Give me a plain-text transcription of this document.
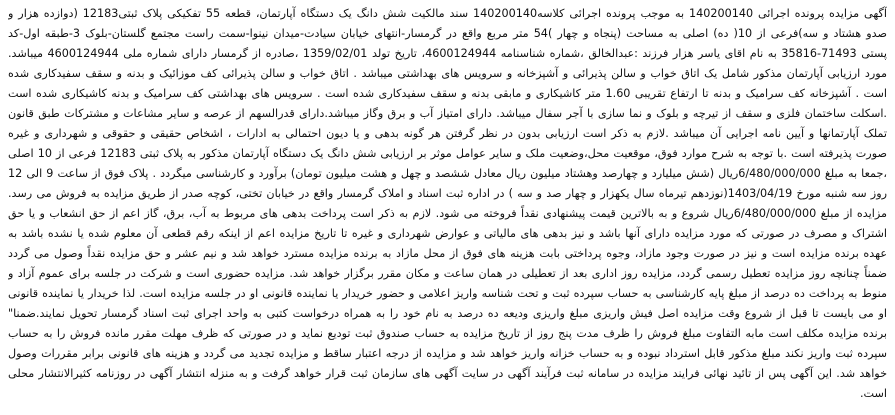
آگهی مزایده پرونده اجرائی 140200140 به موجب پرونده اجرائی کلاسه140200140 سند مالکیت شش دانگ یک دستگاه آپارتمان، قطعه 55 تفکیکی پلاک ثبتی12183 (دوازده هزار و صدو هشتاد و سه)فرعی از 10( ده) اصلی به مساحت (پنجاه و چهار )54 متر مربع واقع در گرمسار-انتهای خیابان سیادت-میدان نینوا-سمت راست مجتمع گلستان-بلوک 3-طبقه اول-کد پستی 71493-35816 به نام اقای یاسر هزار فرزند :عبدالخالق ،شماره شناسنامه 4600124944، تاریخ تولد 1359/02/01 ،صادره از گرمسار دارای شماره ملی 4600124944 میباشد. مورد ارزیابی آپارتمان مذکور شامل یک اتاق خواب و سالن پذیرائی و آشپزخانه و سرویس های بهداشتی میباشد . اتاق خواب و سالن پذیرائی کف موزائیک و بدنه و سقف سفیدکاری شده است . آشپزخانه کف سرامیک و بدنه تا ارتفاع تقریبی 1.60 متر کاشیکاری و مابقی بدنه و سقف سفیدکاری شده است . سرویس های بهداشتی کف سرامیک و بدنه کاشیکاری شده است .اسکلت ساختمان فلزی و سقف از تیرچه و بلوک و نما سازی با آجر سفال میباشد. دارای امتیاز آب و برق وگاز میباشد.دارای قدرالسهم از عرصه و سایر مشاعات و مشترکات طبق قانون تملک آپارتمانها و آیین نامه اجرایی آن میباشد .لازم به ذکر است ارزیابی بدون در نظر گرفتن هر گونه بدهی و یا دیون احتمالی به ادارات ، اشخاص حقیقی و حقوقی و شهرداری و غیره صورت پذیرفته است .با توجه به شرح موارد فوق، موقعیت محل،وضعیت ملک و سایر عوامل موثر بر ارزیابی شش دانگ یک دستگاه آپارتمان مذکور به پلاک ثبتی 12183 فرعی از 10 اصلی ،جمعا به مبلغ 6/480/000/000ریال (شش میلیارد و چهارصد وهشتاد میلیون ریال معادل ششصد و چهل و هشت میلیون تومان) برآورد و کارشناسی میگردد . پلاک فوق از ساعت 9 الی 12 روز سه شنبه مورخ 1403/04/19(نوزدهم تیرماه سال یکهزار و چهار صد و سه ) در اداره ثبت اسناد و املاک گرمسار واقع در خیابان تختی، کوچه صدر از طریق مزایده به فروش می رسد. مزایده از مبلغ 6/480/000/000ریال شروع و به بالاترین قیمت پیشنهادی نقداً فروخته می شود. لازم به ذکر است پرداخت بدهی های مربوط به آب، برق، گاز اعم از حق انشعاب و یا حق اشتراک و مصرف در صورتی که مورد مزایده دارای آنها باشد و نیز بدهی های مالیاتی و عوارض شهرداری و غیره تا تاریخ مزایده اعم از اینکه رقم قطعی آن معلوم شده یا نشده باشد به عهده برنده مزایده است و نیز در صورت وجود مازاد، وجوه پرداختی بابت هزینه های فوق از محل مازاد به برنده مزایده مسترد خواهد شد و نیم عشر و حق مزایده نقداً وصول می گردد ضمناً چنانچه روز مزایده تعطیل رسمی گردد، مزایده روز اداری بعد از تعطیلی در همان ساعت و مکان مقرر برگزار خواهد شد. مزایده حضوری است و شرکت در جلسه برای عموم آزاد و منوط به پرداخت ده درصد از مبلغ پایه کارشناسی به حساب سپرده ثبت و تحت شناسه واریز اعلامی و حضور خریدار یا نماینده قانونی او در جلسه مزایده است. لذا خریدار یا نماینده قانونی او می بایست تا قبل از شروع وقت مزایده اصل فیش واریزی مبلغ واریزی ودیعه ده درصد به نام خود را به همراه درخواست کتبی به واحد اجرای ثبت اسناد گرمسار تحویل نمایند.ضمنا" برنده مزایده مکلف است مابه التفاوت مبلغ فروش را ظرف مدت پنج روز از تاریخ مزایده به حساب صندوق ثبت تودیع نماید و در صورتی که ظرف مهلت مقرر مانده فروش را به حساب سپرده ثبت واریز نکند مبلغ مذکور قابل استرداد نبوده و به حساب خزانه واریز خواهد شد و مزایده از درجه اعتبار ساقط و مزایده تجدید می گردد و هزینه های قانونی برابر مقررات وصول خواهد شد. این آگهی پس از تائید نهائی فرایند مزایده در سامانه ثبت فرآیند آگهی در سایت آگهی های سازمان ثبت قرار خواهد گرفت و به منزله انتشار آگهی در روزنامه کثیرالانتشار محلی است.
